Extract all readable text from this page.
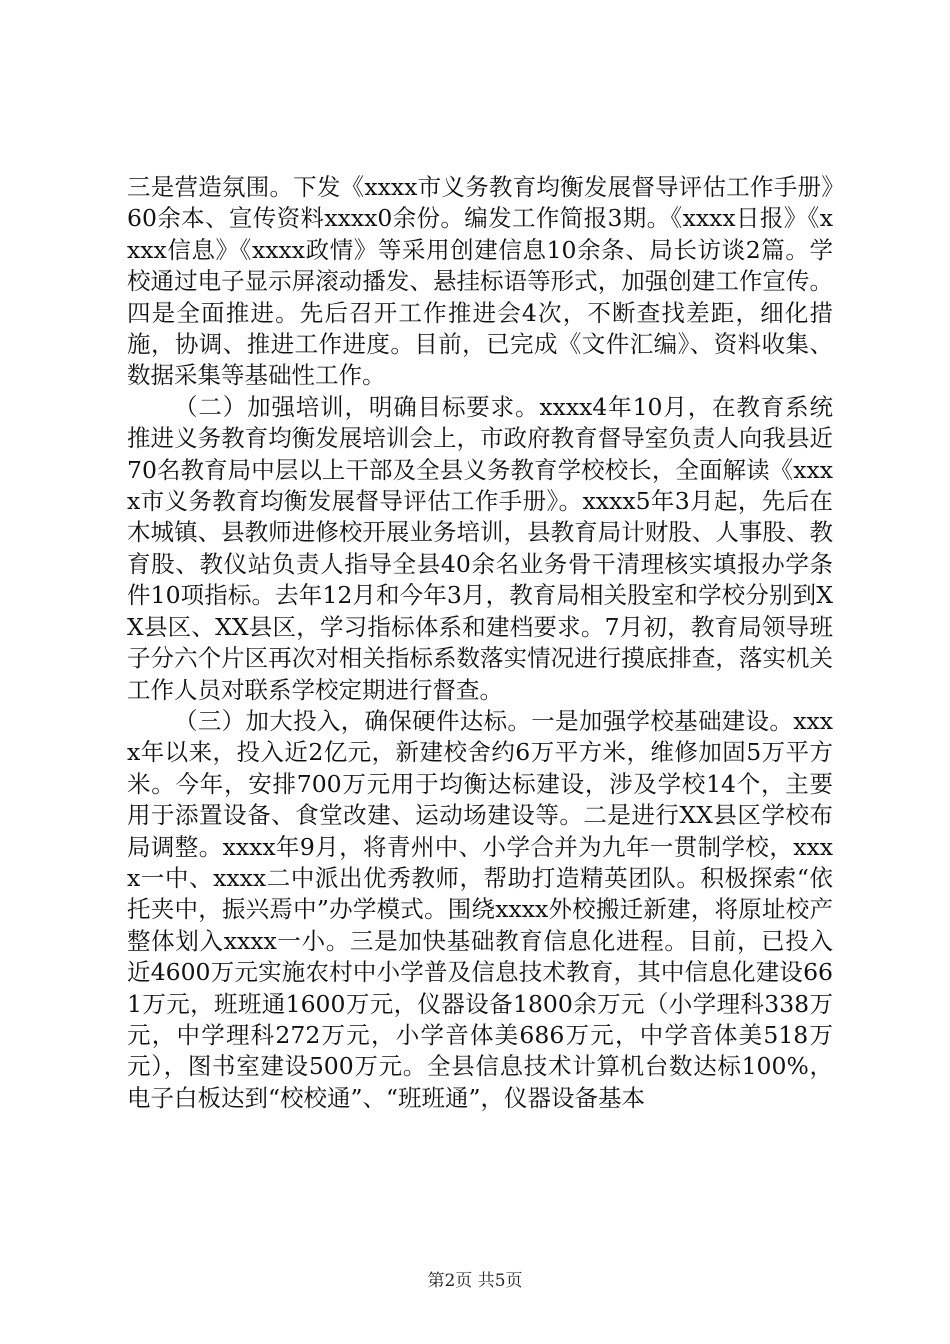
三是营造氛围。下发《xxxx市义务教育均衡发展督导评估工作手册》60余本、宣传资料xxxx0余份。编发工作简报3期。《xxxx日报》《xxxx信息》《xxxx政情》等采用创建信息10余条、局长访谈2篇。学校通过电子显示屏滚动播发、悬挂标语等形式，加强创建工作宣传。四是全面推进。先后召开工作推进会4次，不断查找差距，细化措施，协调、推进工作进度。目前，已完成《文件汇编》、资料收集、数据采集等基础性工作。

（二）加强培训，明确目标要求。xxxx4年10月，在教育系统推进义务教育均衡发展培训会上，市政府教育督导室负责人向我县近70名教育局中层以上干部及全县义务教育学校校长，全面解读《xxxx市义务教育均衡发展督导评估工作手册》。xxxx5年3月起，先后在木城镇、县教师进修校开展业务培训，县教育局计财股、人事股、教育股、教仪站负责人指导全县40余名业务骨干清理核实填报办学条件10项指标。去年12月和今年3月，教育局相关股室和学校分别到XX县区、XX县区，学习指标体系和建档要求。7月初，教育局领导班子分六个片区再次对相关指标系数落实情况进行摸底排查，落实机关工作人员对联系学校定期进行督查。

（三）加大投入，确保硬件达标。一是加强学校基础建设。xxxx年以来，投入近2亿元，新建校舍约6万平方米，维修加固5万平方米。今年，安排700万元用于均衡达标建设，涉及学校14个，主要用于添置设备、食堂改建、运动场建设等。二是进行XX县区学校布局调整。xxxx年9月，将青州中、小学合并为九年一贯制学校，xxxx一中、xxxx二中派出优秀教师，帮助打造精英团队。积极探索“依托夹中，振兴焉中”办学模式。围绕xxxx外校搬迁新建，将原址校产整体划入xxxx一小。三是加快基础教育信息化进程。目前，已投入近4600万元实施农村中小学普及信息技术教育，其中信息化建设661万元，班班通1600万元，仪器设备1800余万元（小学理科338万元，中学理科272万元，小学音体美686万元，中学音体美518万元），图书室建设500万元。全县信息技术计算机台数达标100%，电子白板达到“校校通”、“班班通”，仪器设备基本

第2页 共5页
